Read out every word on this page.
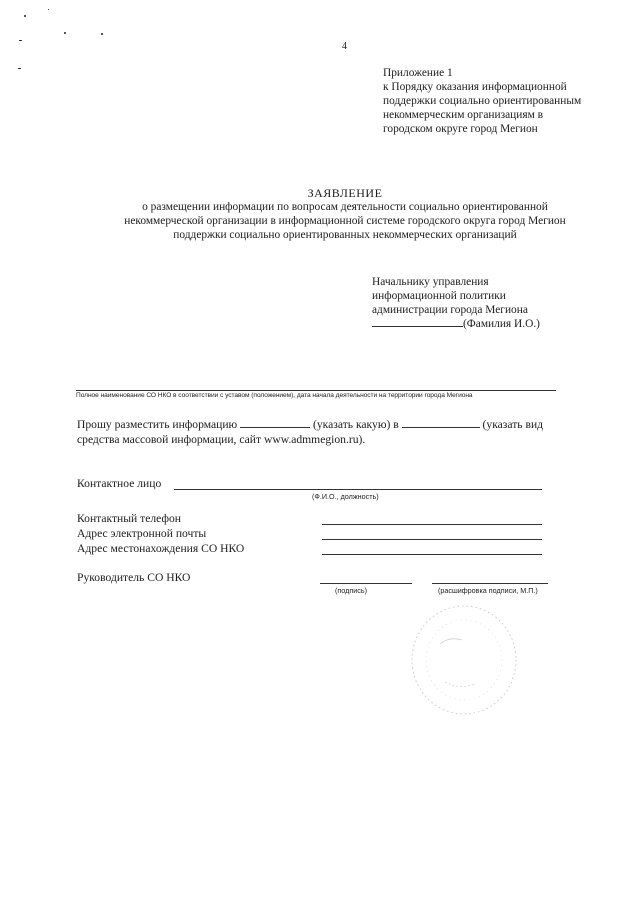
4
Приложение 1
к Порядку оказания информационной
поддержки социально ориентированным
некоммерческим организациям в
городском округе город Мегион
ЗАЯВЛЕНИЕ
о размещении информации по вопросам деятельности социально ориентированной
некоммерческой организации в информационной системе городского округа город Мегион
поддержки социально ориентированных некоммерческих организаций
Начальнику управления
информационной политики
администрации города Мегиона
(Фамилия И.О.)
Полное наименование СО НКО в соответствии с уставом (положением), дата начала деятельности на территории города Мегиона
Прошу разместить информацию	(указать какую) в	(указать вид
средства массовой информации, сайт www.admmegion.ru).
Контактное лицо
(Ф.И.О., должность)
Контактный телефон
Адрес электронной почты
Адрес местонахождения СО НКО
Руководитель СО НКО
(подпись)	(расшифровка подписи, М.П.)
